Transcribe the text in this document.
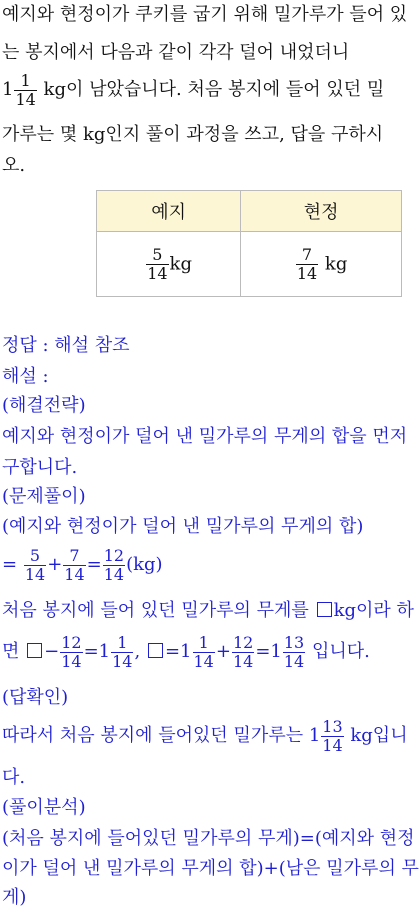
예지와 현정이가 쿠키를 굽기 위해 밀가루가 들어 있
는 봉지에서 다음과 같이 각각 덜어 내었더니
$1 \frac{1}{14}$ kg이 남았습니다. 처음 봉지에 들어 있던 밀
가루는 몇 kg인지 풀이 과정을 쓰고, 답을 구하시
오.
예지	현정

$\frac{5}{14}$ kg	$\frac{7}{14}$ kg
정답 : 해설 참조
해설 :
(해결전략)
예지와 현정이가 덜어 낸 밀가루의 무게의 합을 먼저
구합니다.
(문제풀이)
(예지와 현정이가 덜어 낸 밀가루의 무게의 합)
= $\frac{5}{14} + \frac{7}{14} = \frac{12}{14} (kg)$
처음 봉지에 들어 있던 밀가루의 무게를 kg이라 하
면 − $\frac{12}{14} =1 \frac{1}{14}$ , $=1 \frac{1}{14} + \frac{12}{14} =1 \frac{13}{14}$ 입니다.
(답확인)
따라서 처음 봉지에 들어있던 밀가루는 $1 \frac{13}{14}$ kg입니
다.
(풀이분석)
(처음 봉지에 들어있던 밀가루의 무게)=(예지와 현정
이가 덜어 낸 밀가루의 무게의 합)+(남은 밀가루의 무
게)
